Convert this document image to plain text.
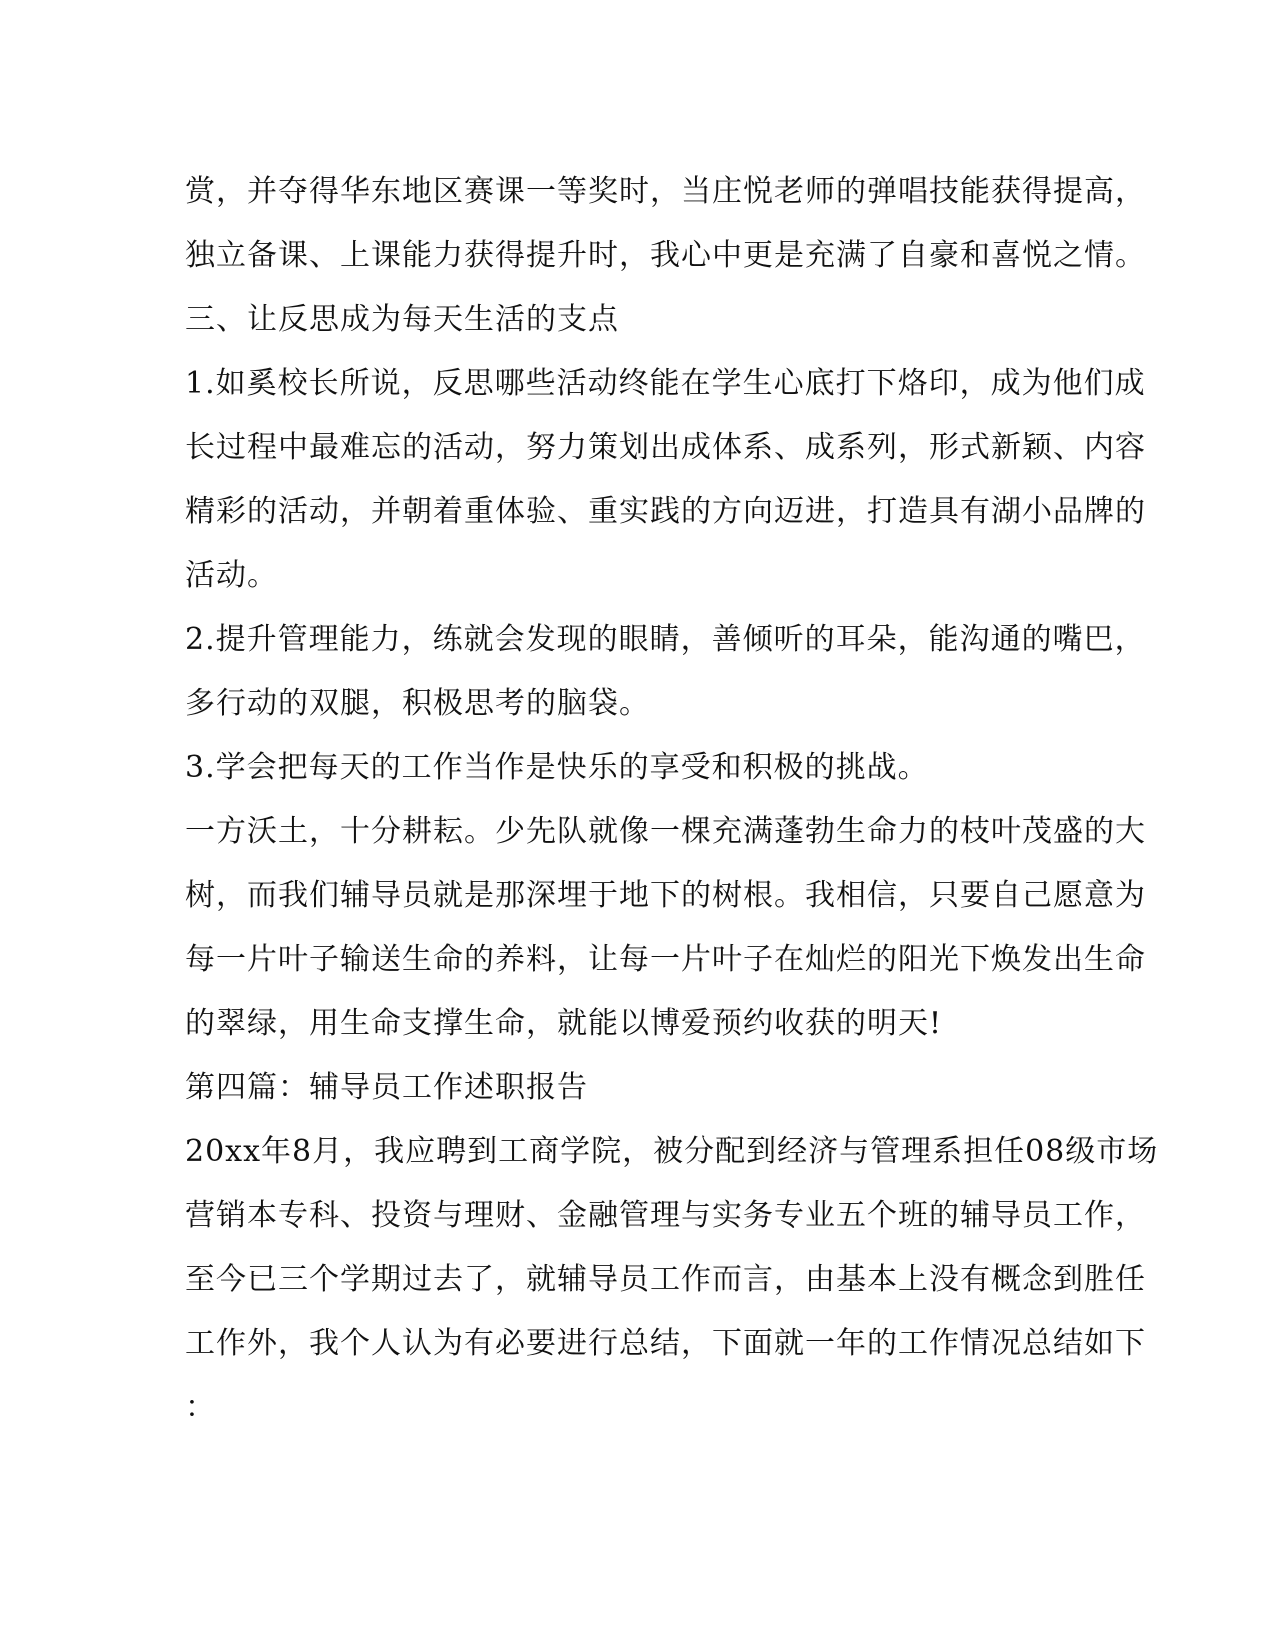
赏，并夺得华东地区赛课一等奖时，当庄悦老师的弹唱技能获得提高，
独立备课、上课能力获得提升时，我心中更是充满了自豪和喜悦之情。
三、让反思成为每天生活的支点
1.如奚校长所说，反思哪些活动终能在学生心底打下烙印，成为他们成
长过程中最难忘的活动，努力策划出成体系、成系列，形式新颖、内容
精彩的活动，并朝着重体验、重实践的方向迈进，打造具有湖小品牌的
活动。
2.提升管理能力，练就会发现的眼睛，善倾听的耳朵，能沟通的嘴巴，
多行动的双腿，积极思考的脑袋。
3.学会把每天的工作当作是快乐的享受和积极的挑战。
一方沃土，十分耕耘。少先队就像一棵充满蓬勃生命力的枝叶茂盛的大
树，而我们辅导员就是那深埋于地下的树根。我相信，只要自己愿意为
每一片叶子输送生命的养料，让每一片叶子在灿烂的阳光下焕发出生命
的翠绿，用生命支撑生命，就能以博爱预约收获的明天!
第四篇：辅导员工作述职报告
20xx年8月，我应聘到工商学院，被分配到经济与管理系担任08级市场
营销本专科、投资与理财、金融管理与实务专业五个班的辅导员工作，
至今已三个学期过去了，就辅导员工作而言，由基本上没有概念到胜任
工作外，我个人认为有必要进行总结，下面就一年的工作情况总结如下
：
